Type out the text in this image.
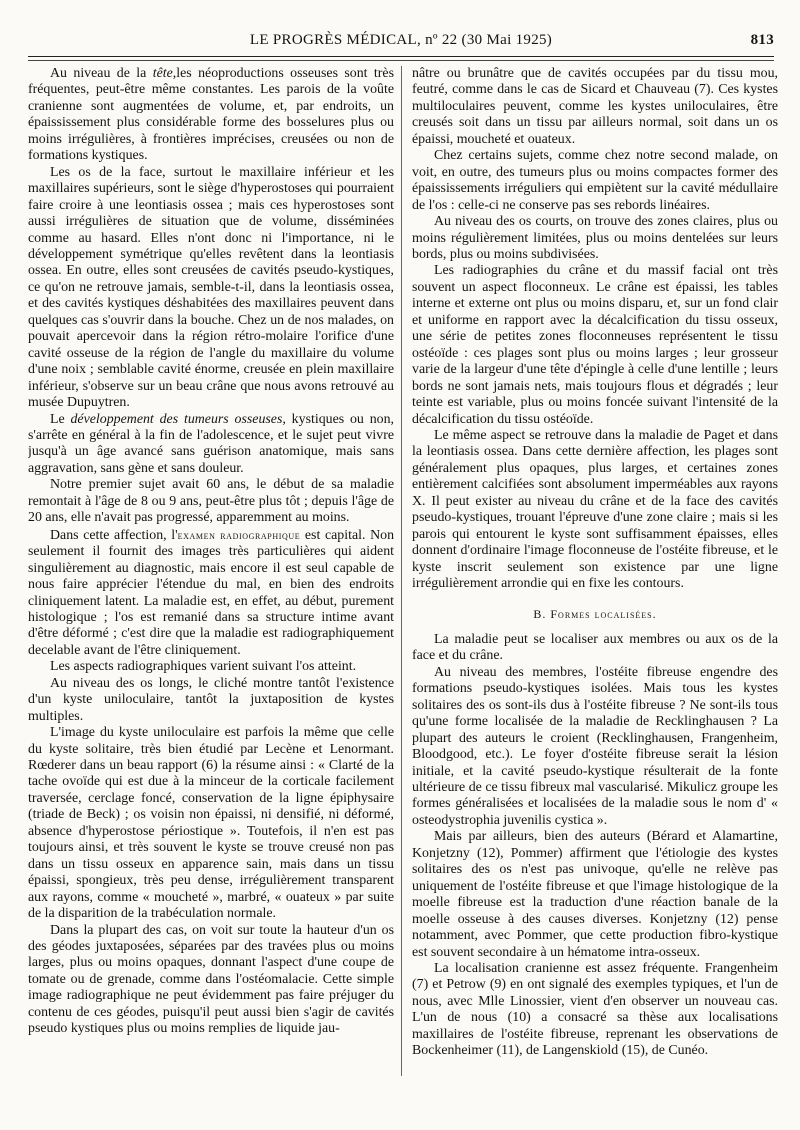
LE PROGRÈS MÉDICAL, nº 22 (30 Mai 1925)	813

Au niveau de la tête,les néoproductions osseuses sont très fréquentes, peut-être même constantes. Les parois de la voûte cranienne sont augmentées de volume, et, par endroits, un épaississement plus considérable forme des bosselures plus ou moins irrégulières, à frontières imprécises, creusées ou non de formations kystiques.

Les os de la face, surtout le maxillaire inférieur et les maxillaires supérieurs, sont le siège d'hyperostoses qui pourraient faire croire à une leontiasis ossea ; mais ces hyperostoses sont aussi irrégulières de situation que de volume, disséminées comme au hasard. Elles n'ont donc ni l'importance, ni le développement symétrique qu'elles revêtent dans la leontiasis ossea. En outre, elles sont creusées de cavités pseudo-kystiques, ce qu'on ne retrouve jamais, semble-t-il, dans la leontiasis ossea, et des cavités kystiques déshabitées des maxillaires peuvent dans quelques cas s'ouvrir dans la bouche. Chez un de nos malades, on pouvait apercevoir dans la région rétro-molaire l'orifice d'une cavité osseuse de la région de l'angle du maxillaire du volume d'une noix ; semblable cavité énorme, creusée en plein maxillaire inférieur, s'observe sur un beau crâne que nous avons retrouvé au musée Dupuytren.

Le développement des tumeurs osseuses, kystiques ou non, s'arrête en général à la fin de l'adolescence, et le sujet peut vivre jusqu'à un âge avancé sans guérison anatomique, mais sans aggravation, sans gène et sans douleur.

Notre premier sujet avait 60 ans, le début de sa maladie remontait à l'âge de 8 ou 9 ans, peut-être plus tôt ; depuis l'âge de 20 ans, elle n'avait pas progressé, apparemment au moins.

Dans cette affection, l'examen radiographique est capital. Non seulement il fournit des images très particulières qui aident singulièrement au diagnostic, mais encore il est seul capable de nous faire apprécier l'étendue du mal, en bien des endroits cliniquement latent. La maladie est, en effet, au début, purement histologique ; l'os est remanié dans sa structure intime avant d'être déformé ; c'est dire que la maladie est radiographiquement decelable avant de l'être cliniquement.

Les aspects radiographiques varient suivant l'os atteint.

Au niveau des os longs, le cliché montre tantôt l'existence d'un kyste uniloculaire, tantôt la juxtaposition de kystes multiples.

L'image du kyste uniloculaire est parfois la même que celle du kyste solitaire, très bien étudié par Lecène et Lenormant. Rœderer dans un beau rapport (6) la résume ainsi : « Clarté de la tache ovoïde qui est due à la minceur de la corticale facilement traversée, cerclage foncé, conservation de la ligne épiphysaire (triade de Beck) ; os voisin non épaissi, ni densifié, ni déformé, absence d'hyperostose périostique ». Toutefois, il n'en est pas toujours ainsi, et très souvent le kyste se trouve creusé non pas dans un tissu osseux en apparence sain, mais dans un tissu épaissi, spongieux, très peu dense, irrégulièrement transparent aux rayons, comme « moucheté », marbré, « ouateux » par suite de la disparition de la trabéculation normale.

Dans la plupart des cas, on voit sur toute la hauteur d'un os des géodes juxtaposées, séparées par des travées plus ou moins larges, plus ou moins opaques, donnant l'aspect d'une coupe de tomate ou de grenade, comme dans l'ostéomalacie. Cette simple image radiographique ne peut évidemment pas faire préjuger du contenu de ces géodes, puisqu'il peut aussi bien s'agir de cavités pseudo kystiques plus ou moins remplies de liquide jau-

nâtre ou brunâtre que de cavités occupées par du tissu mou, feutré, comme dans le cas de Sicard et Chauveau (7). Ces kystes multiloculaires peuvent, comme les kystes uniloculaires, être creusés soit dans un tissu par ailleurs normal, soit dans un os épaissi, moucheté et ouateux.

Chez certains sujets, comme chez notre second malade, on voit, en outre, des tumeurs plus ou moins compactes former des épaississements irréguliers qui empiètent sur la cavité médullaire de l'os : celle-ci ne conserve pas ses rebords linéaires.

Au niveau des os courts, on trouve des zones claires, plus ou moins régulièrement limitées, plus ou moins dentelées sur leurs bords, plus ou moins subdivisées.

Les radiographies du crâne et du massif facial ont très souvent un aspect floconneux. Le crâne est épaissi, les tables interne et externe ont plus ou moins disparu, et, sur un fond clair et uniforme en rapport avec la décalcification du tissu osseux, une série de petites zones floconneuses représentent le tissu ostéoïde : ces plages sont plus ou moins larges ; leur grosseur varie de la largeur d'une tête d'épingle à celle d'une lentille ; leurs bords ne sont jamais nets, mais toujours flous et dégradés ; leur teinte est variable, plus ou moins foncée suivant l'intensité de la décalcification du tissu ostéoïde.

Le même aspect se retrouve dans la maladie de Paget et dans la leontiasis ossea. Dans cette dernière affection, les plages sont généralement plus opaques, plus larges, et certaines zones entièrement calcifiées sont absolument imperméables aux rayons X. Il peut exister au niveau du crâne et de la face des cavités pseudo-kystiques, trouant l'épreuve d'une zone claire ; mais si les parois qui entourent le kyste sont suffisamment épaisses, elles donnent d'ordinaire l'image floconneuse de l'ostéite fibreuse, et le kyste inscrit seulement son existence par une ligne irrégulièrement arrondie qui en fixe les contours.

B. Formes localisées.

La maladie peut se localiser aux membres ou aux os de la face et du crâne.

Au niveau des membres, l'ostéite fibreuse engendre des formations pseudo-kystiques isolées. Mais tous les kystes solitaires des os sont-ils dus à l'ostéite fibreuse ? Ne sont-ils tous qu'une forme localisée de la maladie de Recklinghausen ? La plupart des auteurs le croient (Recklinghausen, Frangenheim, Bloodgood, etc.). Le foyer d'ostéite fibreuse serait la lésion initiale, et la cavité pseudo-kystique résulterait de la fonte ultérieure de ce tissu fibreux mal vascularisé. Mikulicz groupe les formes généralisées et localisées de la maladie sous le nom d' « osteodystrophia juvenilis cystica ».

Mais par ailleurs, bien des auteurs (Bérard et Alamartine, Konjetzny (12), Pommer) affirment que l'étiologie des kystes solitaires des os n'est pas univoque, qu'elle ne relève pas uniquement de l'ostéite fibreuse et que l'image histologique de la moelle fibreuse est la traduction d'une réaction banale de la moelle osseuse à des causes diverses. Konjetzny (12) pense notamment, avec Pommer, que cette production fibro-kystique est souvent secondaire à un hématome intra-osseux.

La localisation cranienne est assez fréquente. Frangenheim (7) et Petrow (9) en ont signalé des exemples typiques, et l'un de nous, avec Mlle Linossier, vient d'en observer un nouveau cas. L'un de nous (10) a consacré sa thèse aux localisations maxillaires de l'ostéite fibreuse, reprenant les observations de Bockenheimer (11), de Langenskiold (15), de Cunéo.
